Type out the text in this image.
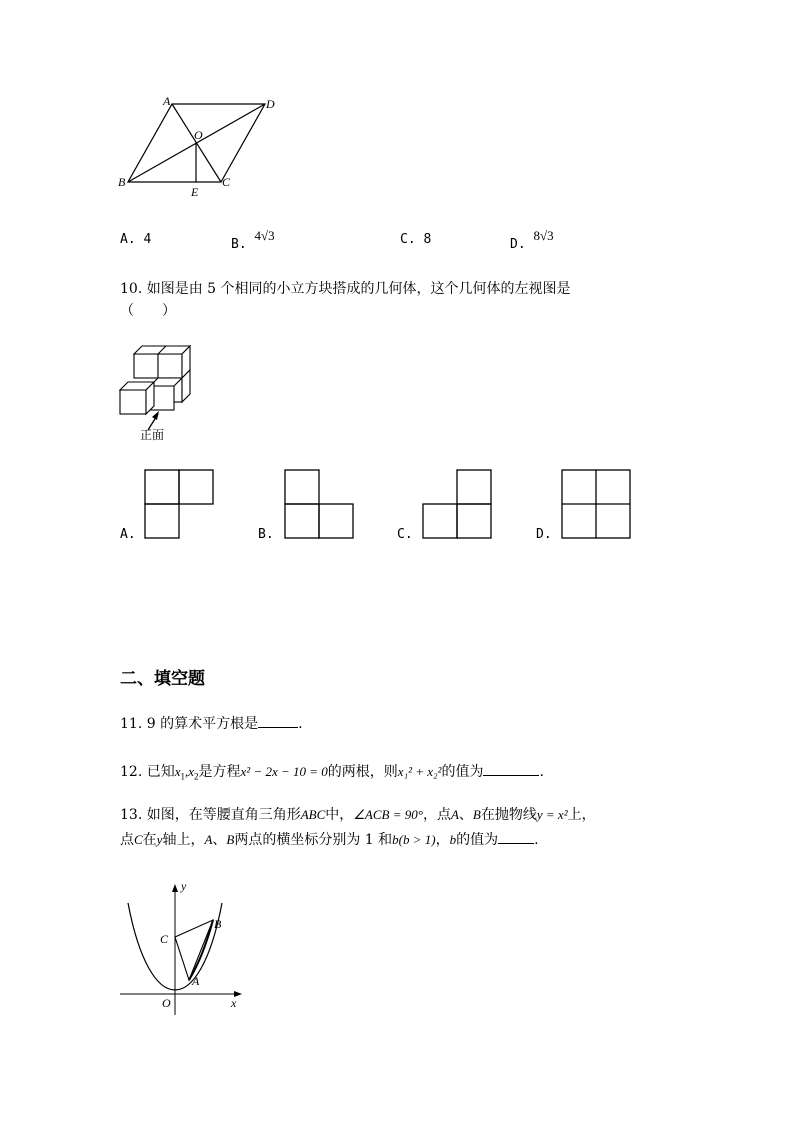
A	D
O
B
E
C
A. 4	B. 4√3	C. 8	D. 8√3
10. 如图是由 5 个相同的小立方块搭成的几何体，这个几何体的左视图是
（　　）
正面
A.	B.	C.	D.
二、填空题
11. 9 的算术平方根是	.
12. 已知$x_1,x_2$是方程x² − 2x − 10 = 0的两根，则x₁² + x₂²的值为	.
13. 如图，在等腰直角三角形ABC中，∠ACB = 90°，点A、B在抛物线y = x²上，
点C在y轴上，A、B两点的横坐标分别为 1 和b(b > 1)，b的值为	.
y
x
C
B
A
O
